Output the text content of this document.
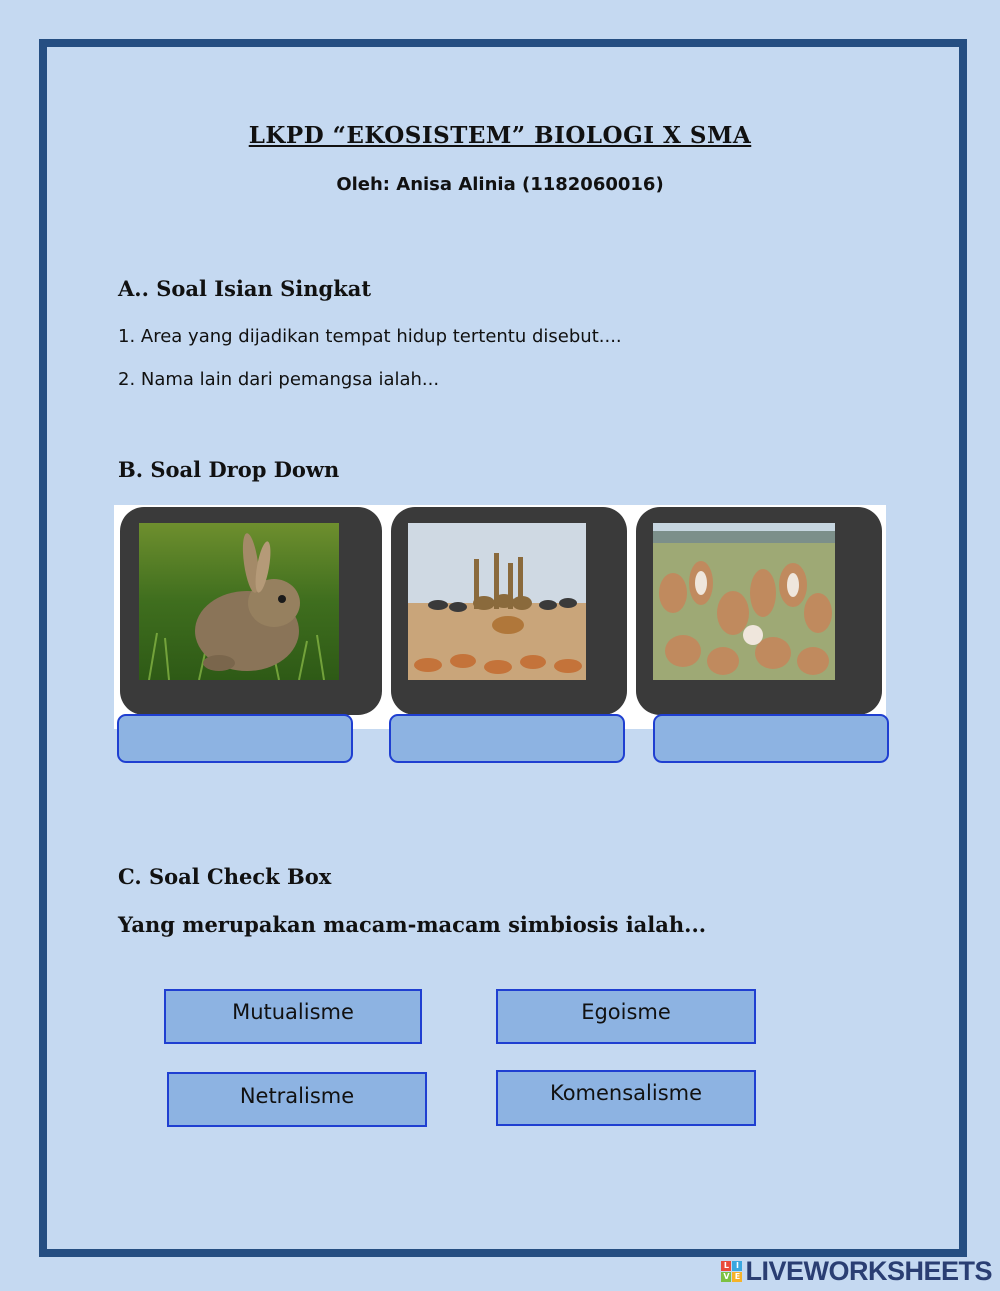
LKPD “EKOSISTEM” BIOLOGI X SMA
Oleh: Anisa Alinia (1182060016)
A.. Soal Isian Singkat
1. Area yang dijadikan tempat hidup tertentu disebut....
2. Nama lain dari pemangsa ialah...
B. Soal Drop Down
C. Soal Check Box
Yang merupakan macam-macam simbiosis ialah...
Mutualisme	Egoisme
Netralisme	Komensalisme
L I
V E LIVEWORKSHEETS
